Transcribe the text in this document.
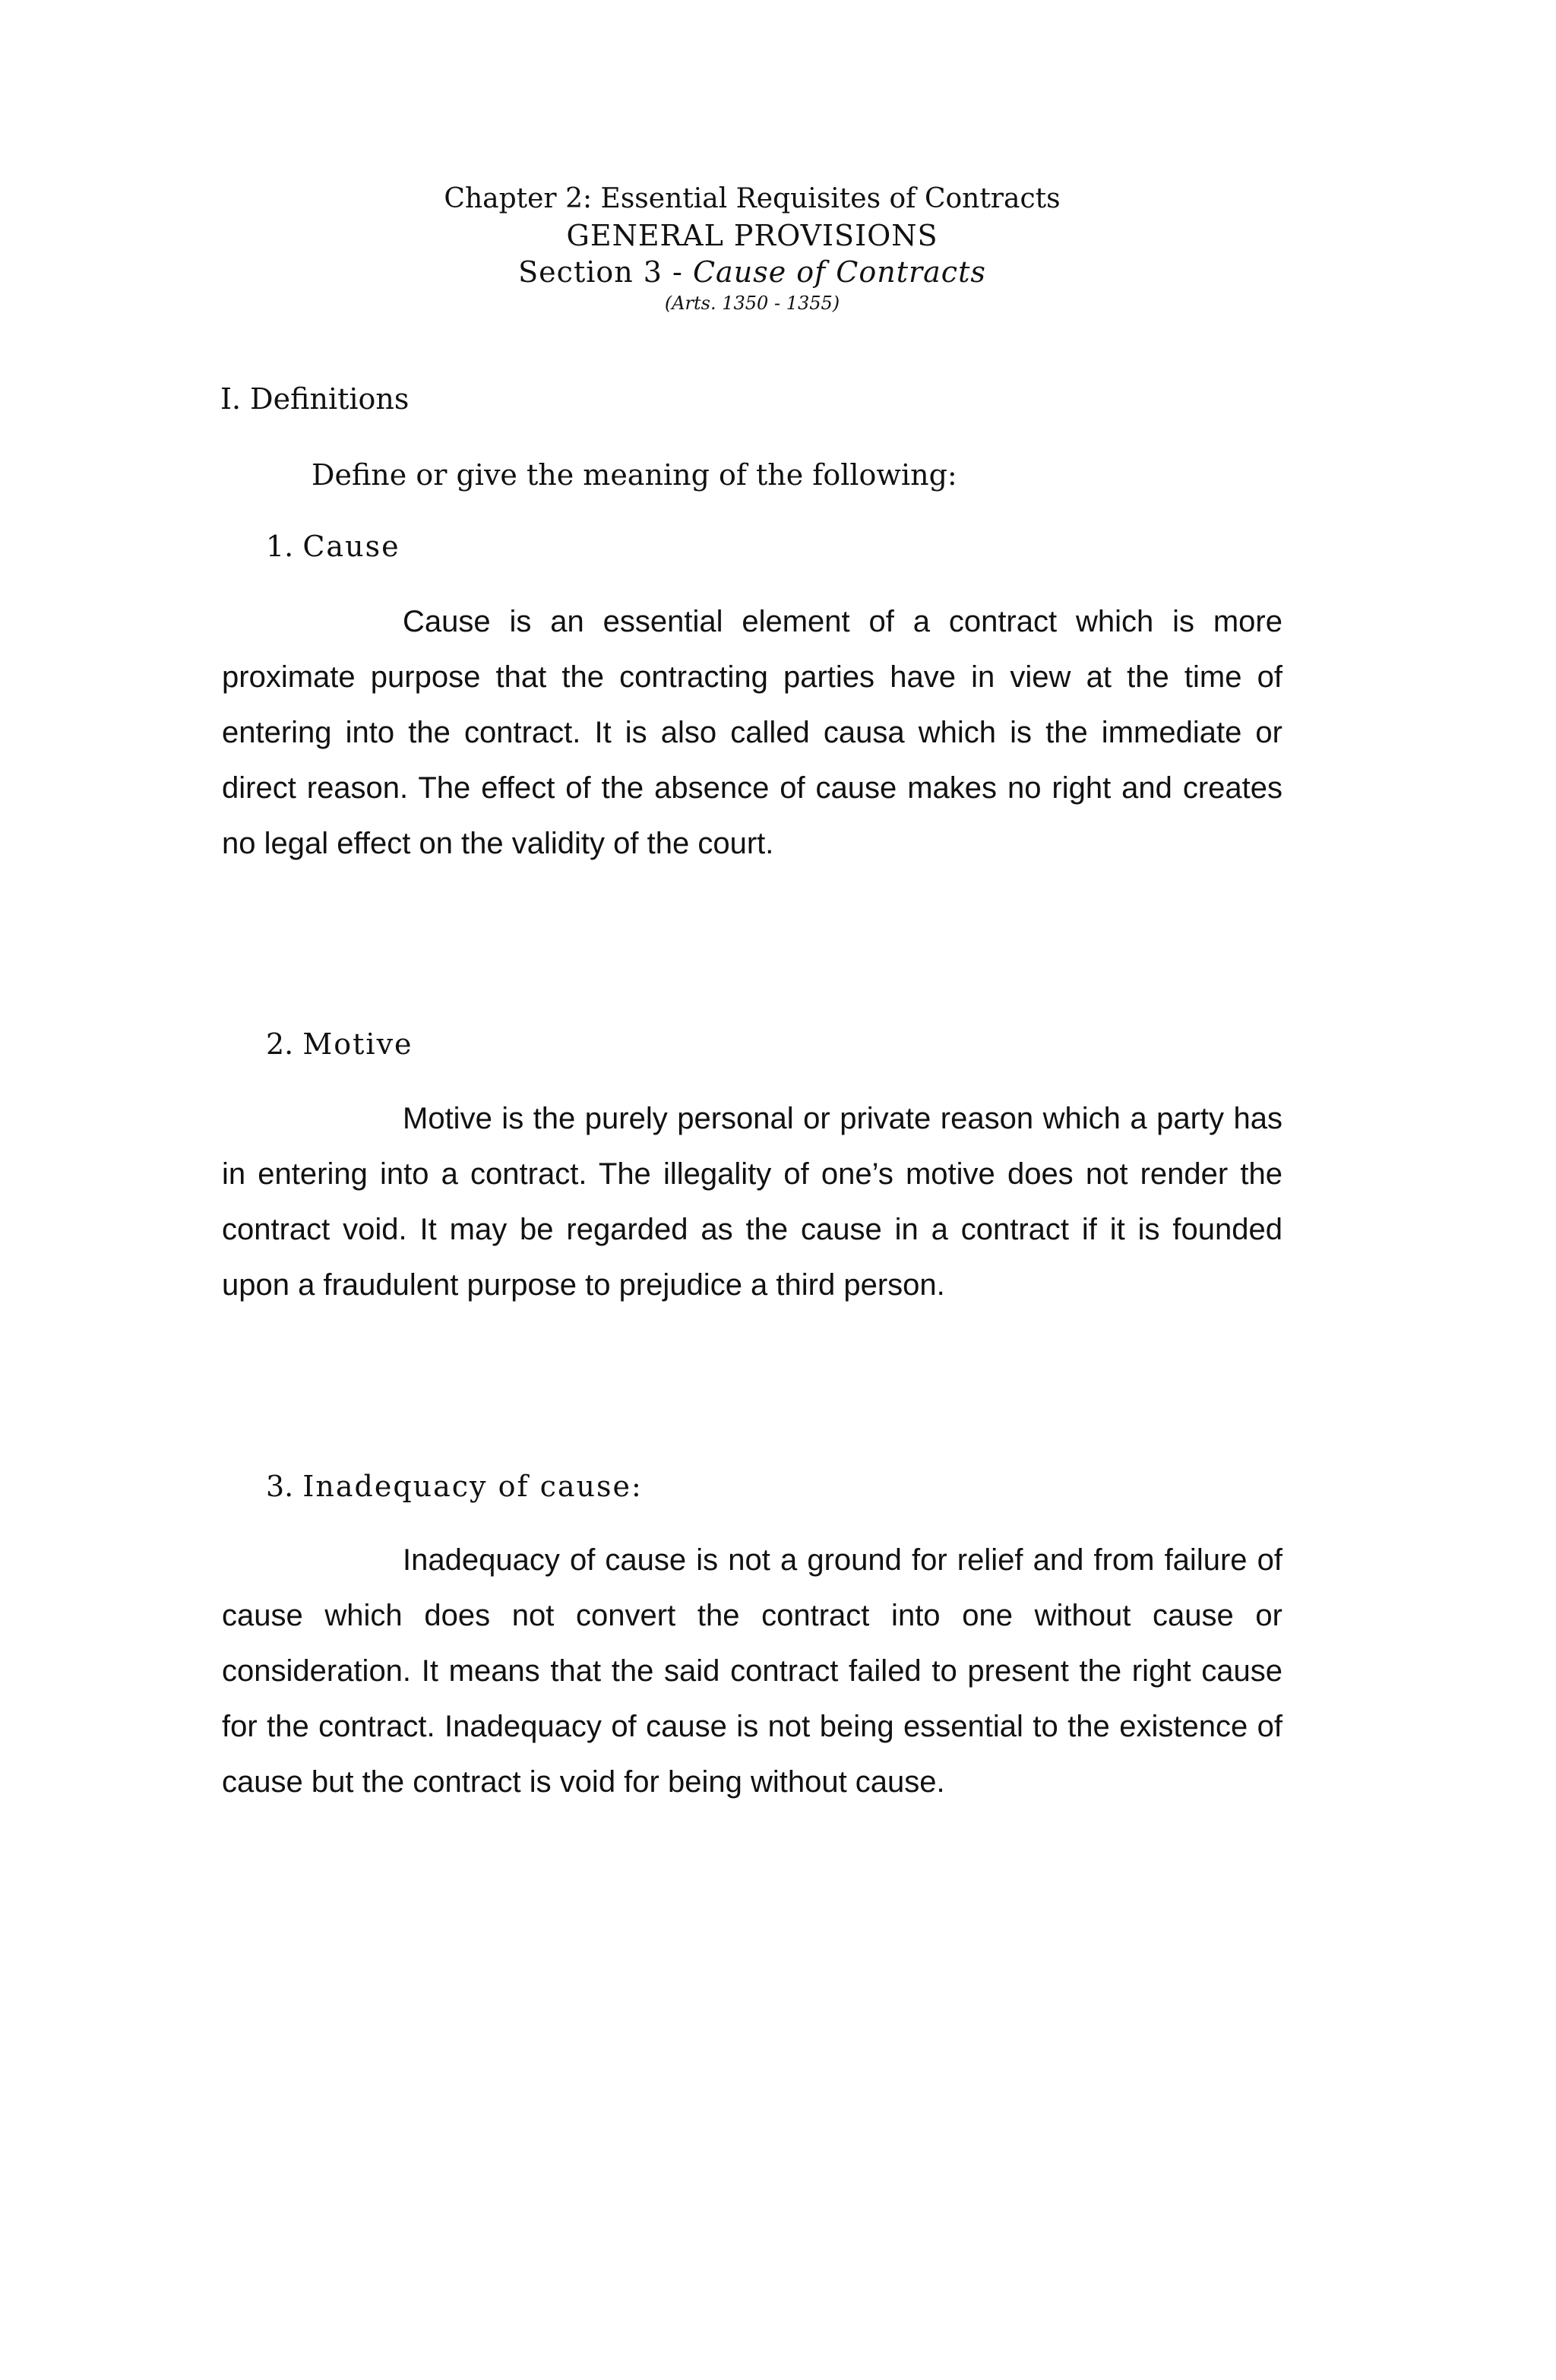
Chapter 2: Essential Requisites of Contracts
GENERAL PROVISIONS
Section 3 - Cause of Contracts
(Arts. 1350 - 1355)
I. Definitions

Define or give the meaning of the following:

1. Cause

Cause is an essential element of a contract which is more proximate purpose that the contracting parties have in view at the time of entering into the contract. It is also called causa which is the immediate or direct reason. The effect of the absence of cause makes no right and creates no legal effect on the validity of the court.

2. Motive

Motive is the purely personal or private reason which a party has in entering into a contract. The illegality of one’s motive does not render the contract void. It may be regarded as the cause in a contract if it is founded upon a fraudulent purpose to prejudice a third person.

3. Inadequacy of cause:

Inadequacy of cause is not a ground for relief and from failure of cause which does not convert the contract into one without cause or consideration. It means that the said contract failed to present the right cause for the contract. Inadequacy of cause is not being essential to the existence of cause but the contract is void for being without cause.
